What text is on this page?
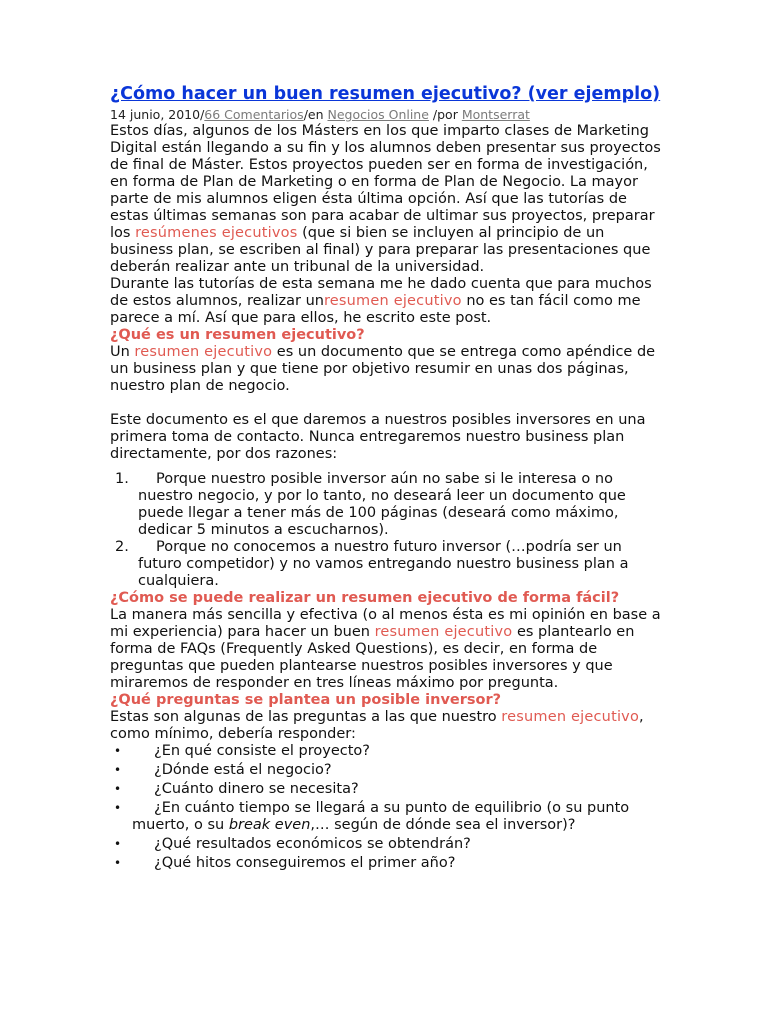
¿Cómo hacer un buen resumen ejecutivo? (ver ejemplo)
14 junio, 2010/66 Comentarios/en Negocios Online /por Montserrat

Estos días, algunos de los Másters en los que imparto clases de Marketing Digital están llegando a su fin y los alumnos deben presentar sus proyectos de final de Máster. Estos proyectos pueden ser en forma de investigación, en forma de Plan de Marketing o en forma de Plan de Negocio. La mayor parte de mis alumnos eligen ésta última opción. Así que las tutorías de estas últimas semanas son para acabar de ultimar sus proyectos, preparar los resúmenes ejecutivos (que si bien se incluyen al principio de un business plan, se escriben al final) y para preparar las presentaciones que deberán realizar ante un tribunal de la universidad.

Durante las tutorías de esta semana me he dado cuenta que para muchos de estos alumnos, realizar unresumen ejecutivo no es tan fácil como me parece a mí. Así que para ellos, he escrito este post.

¿Qué es un resumen ejecutivo?

Un resumen ejecutivo es un documento que se entrega como apéndice de un business plan y que tiene por objetivo resumir en unas dos páginas, nuestro plan de negocio.

Este documento es el que daremos a nuestros posibles inversores en una primera toma de contacto. Nunca entregaremos nuestro business plan directamente, por dos razones:

1.	Porque nuestro posible inversor aún no sabe si le interesa o no nuestro negocio, y por lo tanto, no deseará leer un documento que puede llegar a tener más de 100 páginas (deseará como máximo, dedicar 5 minutos a escucharnos).
2.	Porque no conocemos a nuestro futuro inversor (…podría ser un futuro competidor) y no vamos entregando nuestro business plan a cualquiera.
¿Cómo se puede realizar un resumen ejecutivo de forma fácil?

La manera más sencilla y efectiva (o al menos ésta es mi opinión en base a mi experiencia) para hacer un buen resumen ejecutivo es plantearlo en forma de FAQs (Frequently Asked Questions), es decir, en forma de preguntas que pueden plantearse nuestros posibles inversores y que miraremos de responder en tres líneas máximo por pregunta.

¿Qué preguntas se plantea un posible inversor?

Estas son algunas de las preguntas a las que nuestro resumen ejecutivo, como mínimo, debería responder:

• ¿En qué consiste el proyecto?
• ¿Dónde está el negocio?
• ¿Cuánto dinero se necesita?
• ¿En cuánto tiempo se llegará a su punto de equilibrio (o su punto muerto, o su break even,… según de dónde sea el inversor)?
• ¿Qué resultados económicos se obtendrán?
• ¿Qué hitos conseguiremos el primer año?
